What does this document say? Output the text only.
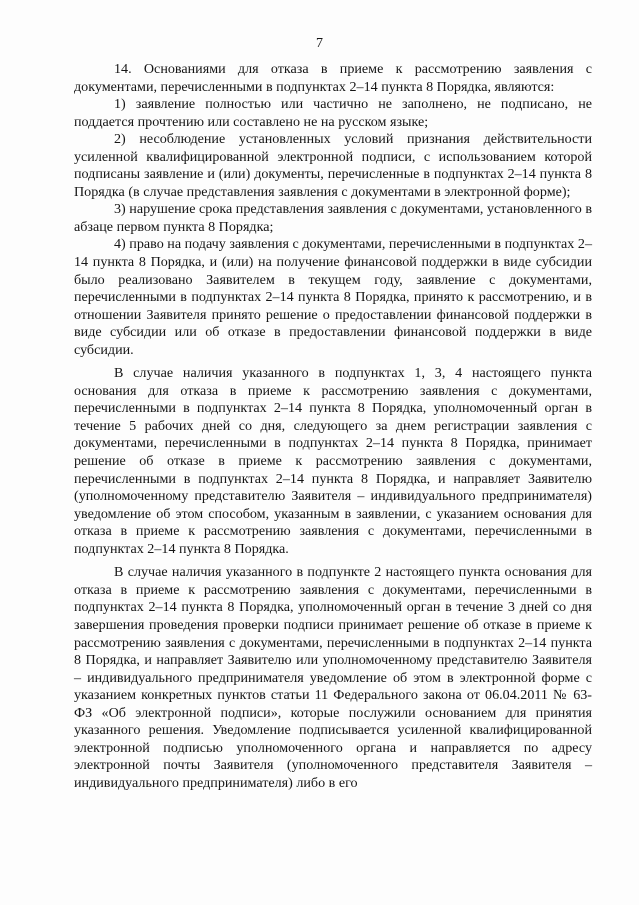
7

14. Основаниями для отказа в приеме к рассмотрению заявления с документами, перечисленными в подпунктах 2–14 пункта 8 Порядка, являются:

1) заявление полностью или частично не заполнено, не подписано, не поддается прочтению или составлено не на русском языке;

2) несоблюдение установленных условий признания действительности усиленной квалифицированной электронной подписи, с использованием которой подписаны заявление и (или) документы, перечисленные в подпунктах 2–14 пункта 8 Порядка (в случае представления заявления с документами в электронной форме);

3) нарушение срока представления заявления с документами, установленного в абзаце первом пункта 8 Порядка;

4) право на подачу заявления с документами, перечисленными в подпунктах 2–14 пункта 8 Порядка, и (или) на получение финансовой поддержки в виде субсидии было реализовано Заявителем в текущем году, заявление с документами, перечисленными в подпунктах 2–14 пункта 8 Порядка, принято к рассмотрению, и в отношении Заявителя принято решение о предоставлении финансовой поддержки в виде субсидии или об отказе в предоставлении финансовой поддержки в виде субсидии.

В случае наличия указанного в подпунктах 1, 3, 4 настоящего пункта основания для отказа в приеме к рассмотрению заявления с документами, перечисленными в подпунктах 2–14 пункта 8 Порядка, уполномоченный орган в течение 5 рабочих дней со дня, следующего за днем регистрации заявления с документами, перечисленными в подпунктах 2–14 пункта 8 Порядка, принимает решение об отказе в приеме к рассмотрению заявления с документами, перечисленными в подпунктах 2–14 пункта 8 Порядка, и направляет Заявителю (уполномоченному представителю Заявителя – индивидуального предпринимателя) уведомление об этом способом, указанным в заявлении, с указанием основания для отказа в приеме к рассмотрению заявления с документами, перечисленными в подпунктах 2–14 пункта 8 Порядка.

В случае наличия указанного в подпункте 2 настоящего пункта основания для отказа в приеме к рассмотрению заявления с документами, перечисленными в подпунктах 2–14 пункта 8 Порядка, уполномоченный орган в течение 3 дней со дня завершения проведения проверки подписи принимает решение об отказе в приеме к рассмотрению заявления с документами, перечисленными в подпунктах 2–14 пункта 8 Порядка, и направляет Заявителю или уполномоченному представителю Заявителя – индивидуального предпринимателя уведомление об этом в электронной форме с указанием конкретных пунктов статьи 11 Федерального закона от 06.04.2011 № 63-ФЗ «Об электронной подписи», которые послужили основанием для принятия указанного решения. Уведомление подписывается усиленной квалифицированной электронной подписью уполномоченного органа и направляется по адресу электронной почты Заявителя (уполномоченного представителя Заявителя – индивидуального предпринимателя) либо в его
